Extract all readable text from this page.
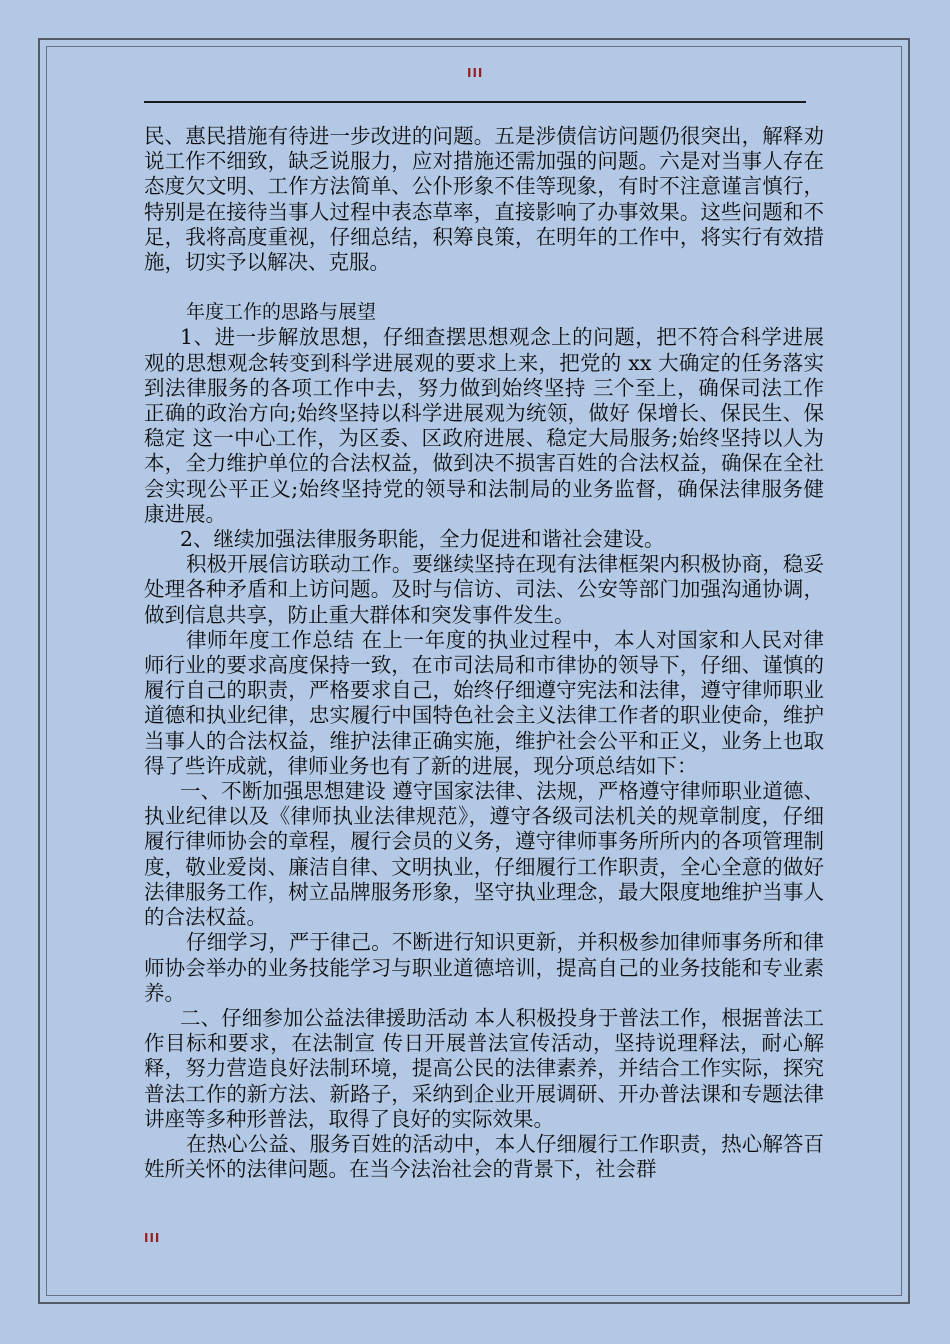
III

民、惠民措施有待进一步改进的问题。五是涉债信访问题仍很突出，解释劝说工作不细致，缺乏说服力，应对措施还需加强的问题。六是对当事人存在态度欠文明、工作方法简单、公仆形象不佳等现象，有时不注意谨言慎行，特别是在接待当事人过程中表态草率，直接影响了办事效果。这些问题和不足，我将高度重视，仔细总结，积筹良策，在明年的工作中，将实行有效措施，切实予以解决、克服。

年度工作的思路与展望

1、进一步解放思想，仔细查摆思想观念上的问题，把不符合科学进展观的思想观念转变到科学进展观的要求上来，把党的 xx 大确定的任务落实到法律服务的各项工作中去，努力做到始终坚持 三个至上，确保司法工作正确的政治方向;始终坚持以科学进展观为统领，做好 保增长、保民生、保稳定 这一中心工作，为区委、区政府进展、稳定大局服务;始终坚持以人为本，全力维护单位的合法权益，做到决不损害百姓的合法权益，确保在全社会实现公平正义;始终坚持党的领导和法制局的业务监督，确保法律服务健康进展。

2、继续加强法律服务职能，全力促进和谐社会建设。

积极开展信访联动工作。要继续坚持在现有法律框架内积极协商，稳妥处理各种矛盾和上访问题。及时与信访、司法、公安等部门加强沟通协调，做到信息共享，防止重大群体和突发事件发生。

律师年度工作总结 在上一年度的执业过程中，本人对国家和人民对律师行业的要求高度保持一致，在市司法局和市律协的领导下，仔细、谨慎的履行自己的职责，严格要求自己，始终仔细遵守宪法和法律，遵守律师职业道德和执业纪律，忠实履行中国特色社会主义法律工作者的职业使命，维护当事人的合法权益，维护法律正确实施，维护社会公平和正义，业务上也取得了些许成就，律师业务也有了新的进展，现分项总结如下：

一、不断加强思想建设 遵守国家法律、法规，严格遵守律师职业道德、执业纪律以及《律师执业法律规范》，遵守各级司法机关的规章制度，仔细履行律师协会的章程，履行会员的义务，遵守律师事务所所内的各项管理制度，敬业爱岗、廉洁自律、文明执业，仔细履行工作职责，全心全意的做好法律服务工作，树立品牌服务形象，坚守执业理念，最大限度地维护当事人的合法权益。

仔细学习，严于律己。不断进行知识更新，并积极参加律师事务所和律师协会举办的业务技能学习与职业道德培训，提高自己的业务技能和专业素养。

二、仔细参加公益法律援助活动 本人积极投身于普法工作，根据普法工作目标和要求，在法制宣 传日开展普法宣传活动，坚持说理释法，耐心解释，努力营造良好法制环境，提高公民的法律素养，并结合工作实际，探究普法工作的新方法、新路子，采纳到企业开展调研、开办普法课和专题法律讲座等多种形普法，取得了良好的实际效果。

在热心公益、服务百姓的活动中，本人仔细履行工作职责，热心解答百姓所关怀的法律问题。在当今法治社会的背景下，社会群

III
